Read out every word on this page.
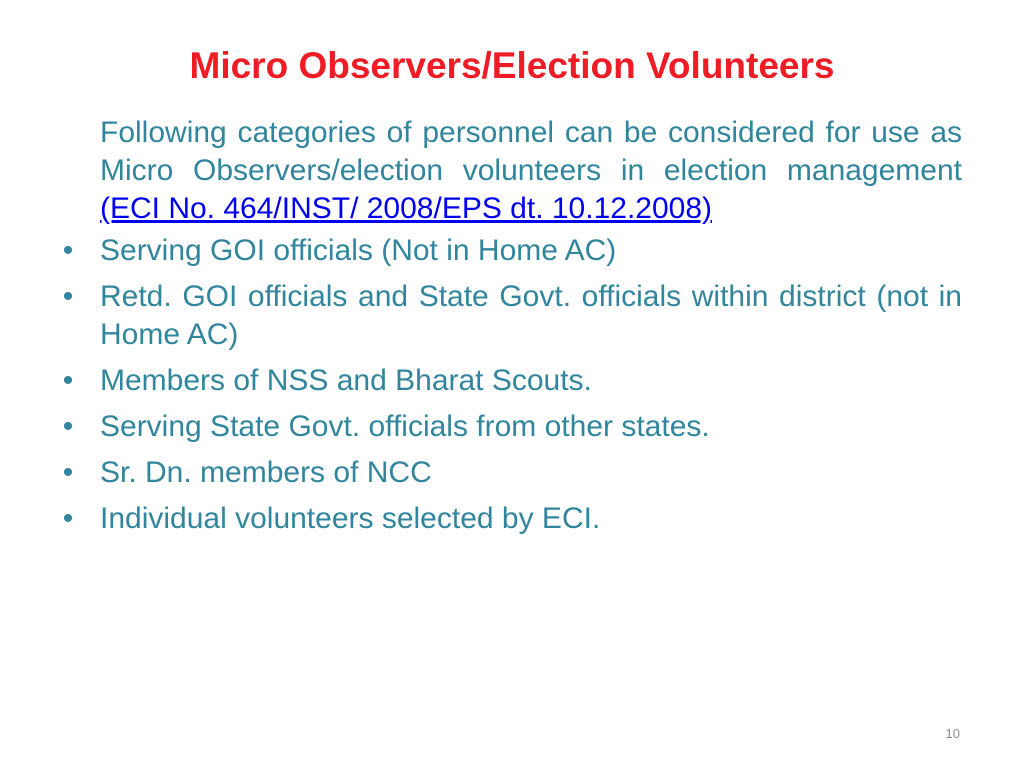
Micro Observers/Election Volunteers

Following categories of personnel can be considered for use as Micro Observers/election volunteers in election management (ECI No. 464/INST/ 2008/EPS dt. 10.12.2008)

• Serving GOI officials (Not in Home AC)
• Retd. GOI officials and State Govt. officials within district (not in Home AC)
• Members of NSS and Bharat Scouts.
• Serving State Govt. officials from other states.
• Sr. Dn. members of NCC
• Individual volunteers selected by ECI.
10
